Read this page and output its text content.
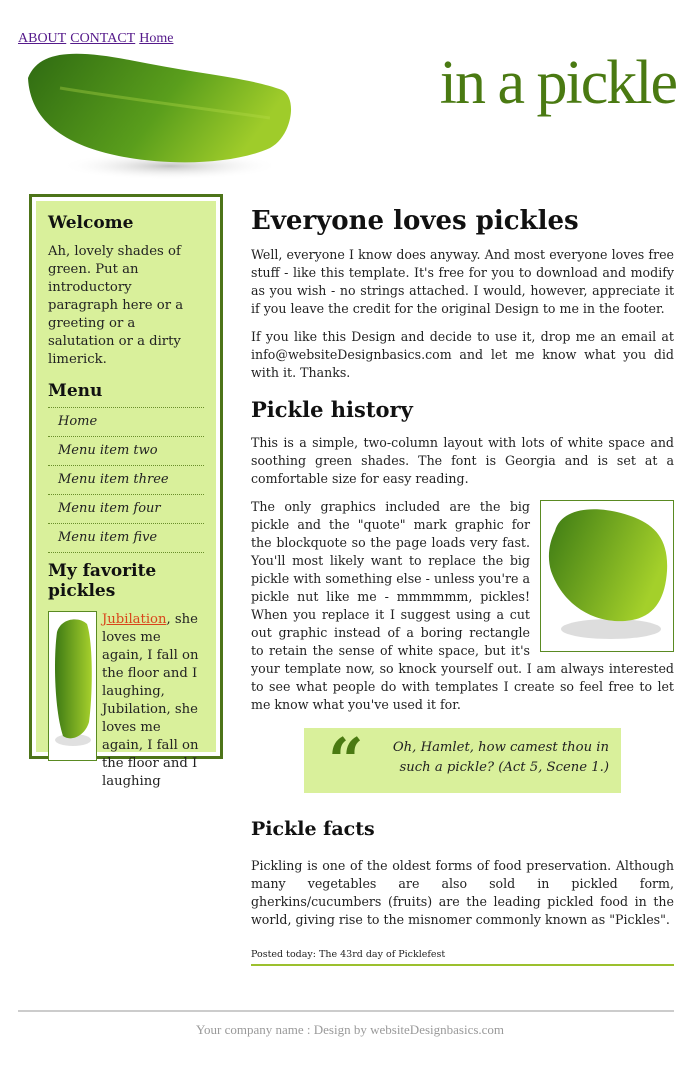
ABOUT CONTACT Home
in a pickle
Welcome

Ah, lovely shades of green. Put an introductory paragraph here or a greeting or a salutation or a dirty limerick.

Menu
Home
Menu item two
Menu item three
Menu item four
Menu item five
My favorite pickles
Jubilation, she loves me again, I fall on the floor and I laughing, Jubilation, she loves me again, I fall on the floor and I laughing
Everyone loves pickles

Well, everyone I know does anyway. And most everyone loves free stuff - like this template. It's free for you to download and modify as you wish - no strings attached. I would, however, appreciate it if you leave the credit for the original Design to me in the footer.

If you like this Design and decide to use it, drop me an email at info@websiteDesignbasics.com and let me know what you did with it. Thanks.

Pickle history

This is a simple, two-column layout with lots of white space and soothing green shades. The font is Georgia and is set at a comfortable size for easy reading.

The only graphics included are the big pickle and the "quote" mark graphic for the blockquote so the page loads very fast. You'll most likely want to replace the big pickle with something else - unless you're a pickle nut like me - mmmmmm, pickles! When you replace it I suggest using a cut out graphic instead of a boring rectangle to retain the sense of white space, but it's your template now, so knock yourself out. I am always interested to see what people do with templates I create so feel free to let me know what you've used it for.

“ Oh, Hamlet, how camest thou in such a pickle? (Act 5, Scene 1.)
Pickle facts

Pickling is one of the oldest forms of food preservation. Although many vegetables are also sold in pickled form, gherkins/cucumbers (fruits) are the leading pickled food in the world, giving rise to the misnomer commonly known as "Pickles".

Posted today: The 43rd day of Picklefest
Your company name : Design by websiteDesignbasics.com
